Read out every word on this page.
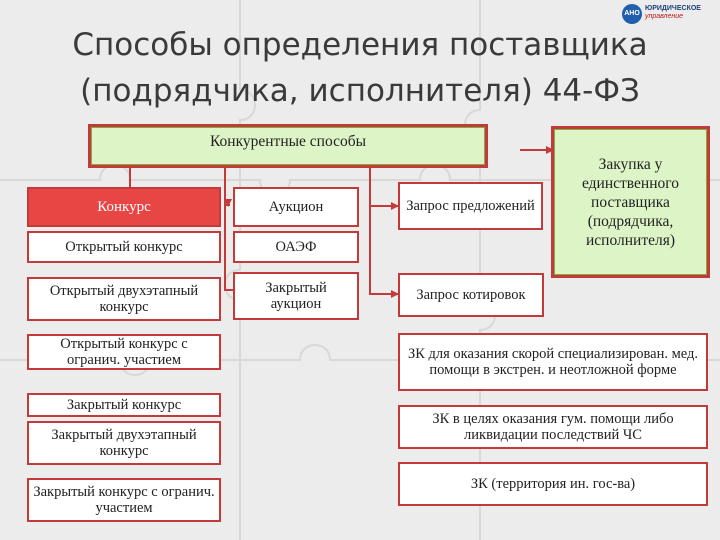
АНО
ЮРИДИЧЕСКОЕ
управление
Способы определения поставщика
(подрядчика, исполнителя) 44-ФЗ
Конкурентные способы
Закупка у единственного поставщика (подрядчика, исполнителя)
Конкурс
Открытый конкурс
Открытый двухэтапный конкурс
Открытый конкурс с огранич. участием
Закрытый конкурс
Закрытый двухэтапный конкурс
Закрытый конкурс с огранич. участием
Аукцион
ОАЭФ
Закрытый аукцион
Запрос предложений
Запрос котировок
ЗК для оказания скорой специализирован. мед. помощи в экстрен. и неотложной форме
ЗК в целях оказания гум. помощи либо ликвидации последствий ЧС
ЗК (территория ин. гос-ва)
